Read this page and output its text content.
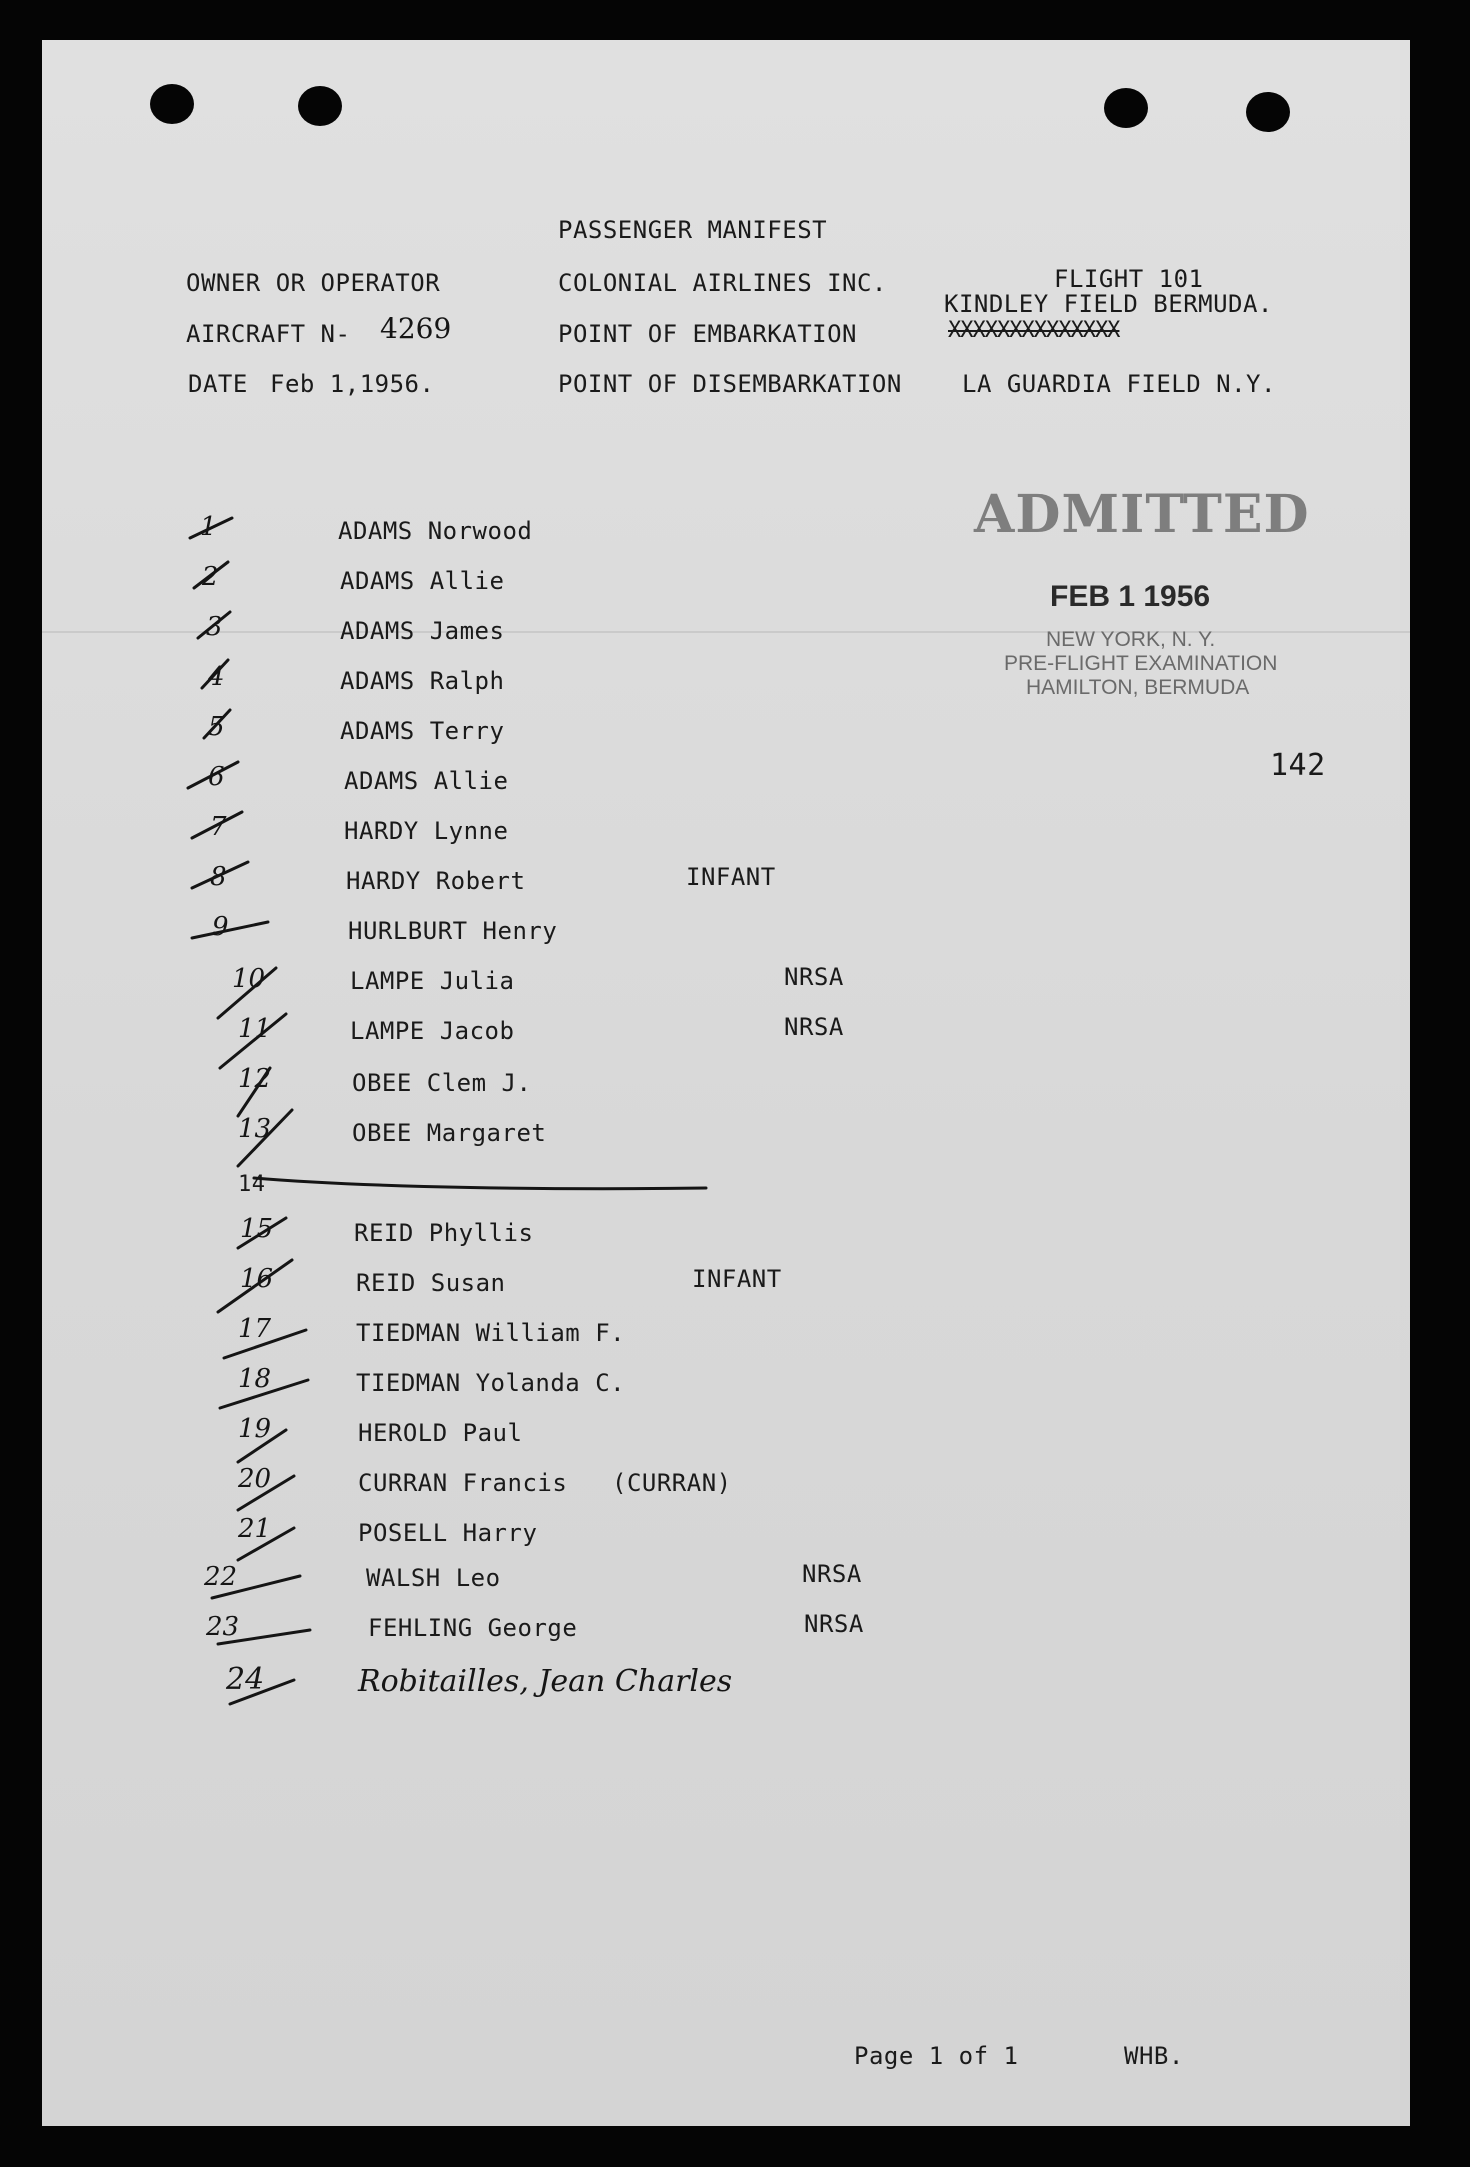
PASSENGER MANIFEST
OWNER OR OPERATOR	COLONIAL AIRLINES INC.	FLIGHT 101
AIRCRAFT N- 4269	POINT OF EMBARKATION
KINDLEY FIELD BERMUDA.
XXXXXXXXXXXXXX
DATE Feb 1,1956.	POINT OF DISEMBARKATION	LA GUARDIA FIELD N.Y.
ADMITTED
FEB 1 1956
NEW YORK, N. Y.
PRE-FLIGHT EXAMINATION
HAMILTON, BERMUDA
142
1	ADAMS Norwood
2	ADAMS Allie
3	ADAMS James
4	ADAMS Ralph
5	ADAMS Terry
6	ADAMS Allie
7	HARDY Lynne
8	HARDY Robert	INFANT
9	HURLBURT Henry
10	LAMPE Julia	NRSA
11	LAMPE Jacob	NRSA
12	OBEE Clem J.
13	OBEE Margaret
14
15	REID Phyllis
16	REID Susan	INFANT
17	TIEDMAN William F.
18	TIEDMAN Yolanda C.
19	HEROLD Paul
20	CURRAN Francis (CURRAN)
21	POSELL Harry
22	WALSH Leo	NRSA
23	FEHLING George	NRSA
24	Robitailles, Jean Charles
Page 1 of 1	WHB.
